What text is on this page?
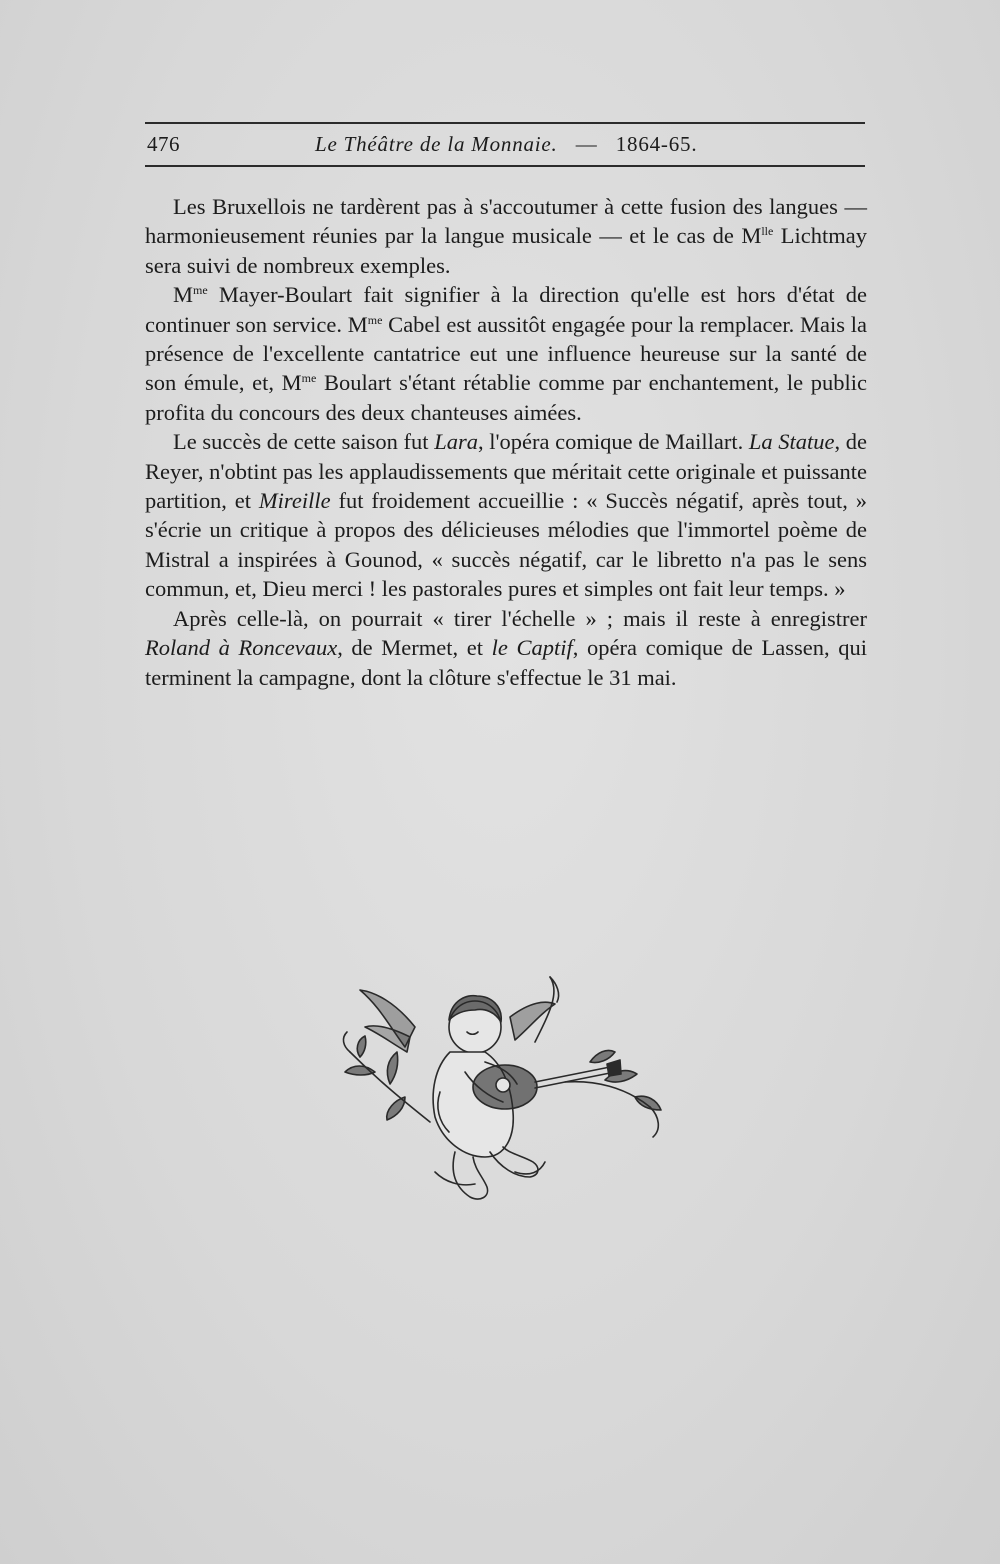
476	Le Théâtre de la Monnaie. — 1864-65.

Les Bruxellois ne tardèrent pas à s'accoutumer à cette fusion des langues — harmonieusement réunies par la langue musicale — et le cas de $M^{lle}$ Lichtmay sera suivi de nombreux exemples.

$M^{me}$ Mayer-Boulart fait signifier à la direction qu'elle est hors d'état de continuer son service. $M^{me}$ Cabel est aussitôt engagée pour la remplacer. Mais la présence de l'excellente cantatrice eut une influence heureuse sur la santé de son émule, et, $M^{me}$ Boulart s'étant rétablie comme par enchantement, le public profita du concours des deux chanteuses aimées.

Le succès de cette saison fut Lara, l'opéra comique de Maillart. La Statue, de Reyer, n'obtint pas les applaudissements que méritait cette originale et puissante partition, et Mireille fut froidement accueillie : « Succès négatif, après tout, » s'écrie un critique à propos des délicieuses mélodies que l'immortel poème de Mistral a inspirées à Gounod, « succès négatif, car le libretto n'a pas le sens commun, et, Dieu merci ! les pastorales pures et simples ont fait leur temps. »

Après celle-là, on pourrait « tirer l'échelle » ; mais il reste à enregistrer Roland à Roncevaux, de Mermet, et le Captif, opéra comique de Lassen, qui terminent la campagne, dont la clôture s'effectue le 31 mai.
